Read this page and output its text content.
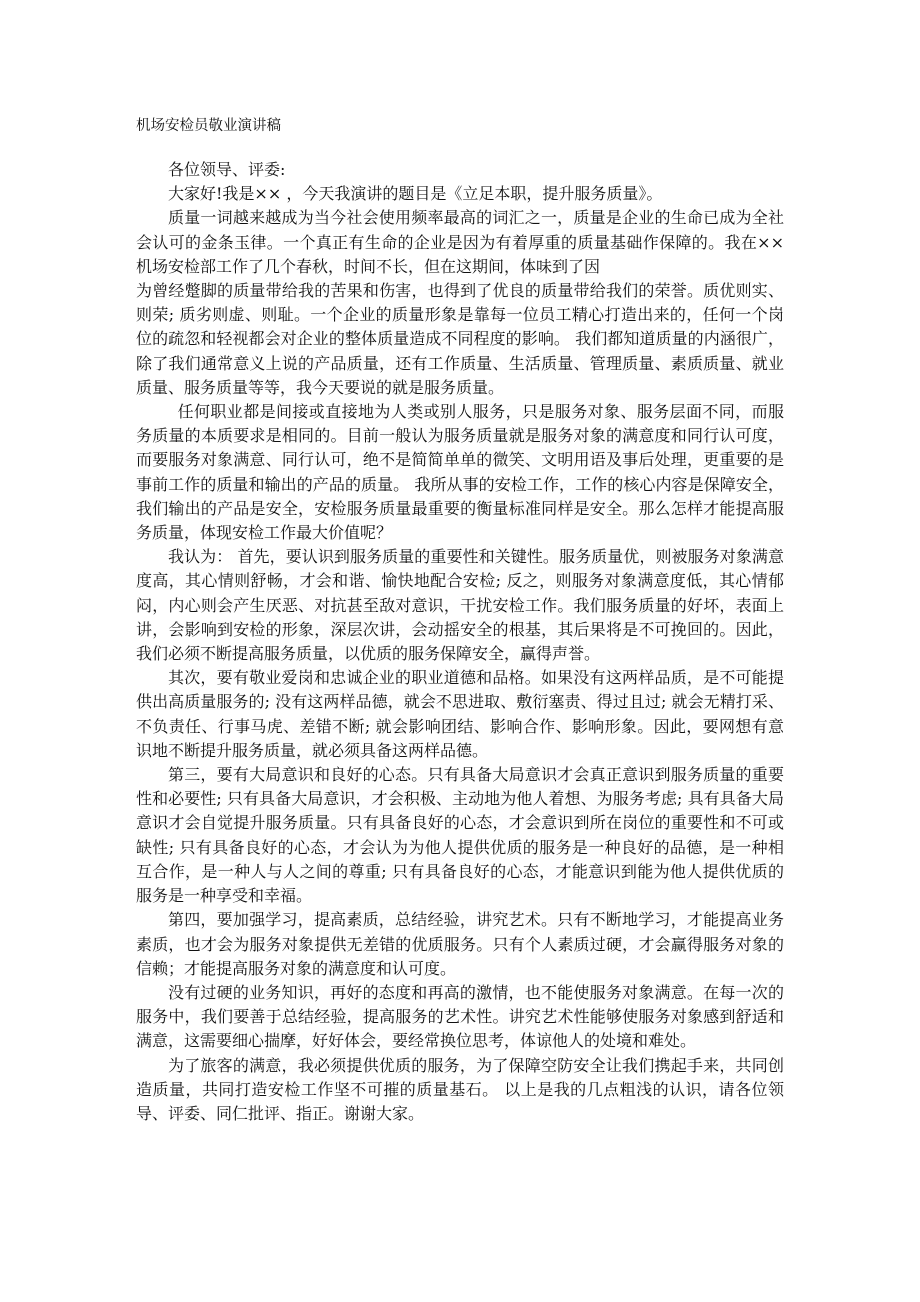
机场安检员敬业演讲稿

各位领导、评委:

大家好!我是×× ，今天我演讲的题目是《立足本职，提升服务质量》。

质量一词越来越成为当今社会使用频率最高的词汇之一，质量是企业的生命已成为全社会认可的金条玉律。一个真正有生命的企业是因为有着厚重的质量基础作保障的。我在××机场安检部工作了几个春秋，时间不长，但在这期间，体味到了因

为曾经蹩脚的质量带给我的苦果和伤害，也得到了优良的质量带给我们的荣誉。质优则实、则荣; 质劣则虚、则耻。一个企业的质量形象是靠每一位员工精心打造出来的，任何一个岗位的疏忽和轻视都会对企业的整体质量造成不同程度的影响。 我们都知道质量的内涵很广，除了我们通常意义上说的产品质量，还有工作质量、生活质量、管理质量、素质质量、就业质量、服务质量等等，我今天要说的就是服务质量。

任何职业都是间接或直接地为人类或别人服务，只是服务对象、服务层面不同，而服务质量的本质要求是相同的。目前一般认为服务质量就是服务对象的满意度和同行认可度，而要服务对象满意、同行认可，绝不是简简单单的微笑、文明用语及事后处理，更重要的是事前工作的质量和输出的产品的质量。 我所从事的安检工作，工作的核心内容是保障安全，我们输出的产品是安全，安检服务质量最重要的衡量标准同样是安全。那么怎样才能提高服务质量，体现安检工作最大价值呢？

我认为： 首先，要认识到服务质量的重要性和关键性。服务质量优，则被服务对象满意度高，其心情则舒畅，才会和谐、愉快地配合安检; 反之，则服务对象满意度低，其心情郁闷，内心则会产生厌恶、对抗甚至敌对意识，干扰安检工作。我们服务质量的好坏，表面上讲，会影响到安检的形象，深层次讲，会动摇安全的根基，其后果将是不可挽回的。因此，我们必须不断提高服务质量，以优质的服务保障安全，赢得声誉。

其次，要有敬业爱岗和忠诚企业的职业道德和品格。如果没有这两样品质，是不可能提供出高质量服务的; 没有这两样品德，就会不思进取、敷衍塞责、得过且过; 就会无精打采、不负责任、行事马虎、差错不断; 就会影响团结、影响合作、影响形象。因此，要网想有意识地不断提升服务质量，就必须具备这两样品德。

第三，要有大局意识和良好的心态。只有具备大局意识才会真正意识到服务质量的重要性和必要性; 只有具备大局意识，才会积极、主动地为他人着想、为服务考虑; 具有具备大局意识才会自觉提升服务质量。只有具备良好的心态，才会意识到所在岗位的重要性和不可或缺性; 只有具备良好的心态，才会认为为他人提供优质的服务是一种良好的品德，是一种相互合作，是一种人与人之间的尊重; 只有具备良好的心态，才能意识到能为他人提供优质的服务是一种享受和幸福。

第四，要加强学习，提高素质，总结经验，讲究艺术。只有不断地学习，才能提高业务素质，也才会为服务对象提供无差错的优质服务。只有个人素质过硬，才会赢得服务对象的信赖；才能提高服务对象的满意度和认可度。

没有过硬的业务知识，再好的态度和再高的激情，也不能使服务对象满意。在每一次的服务中，我们要善于总结经验，提高服务的艺术性。讲究艺术性能够使服务对象感到舒适和满意，这需要细心揣摩，好好体会，要经常换位思考，体谅他人的处境和难处。

为了旅客的满意，我必须提供优质的服务，为了保障空防安全让我们携起手来，共同创造质量，共同打造安检工作坚不可摧的质量基石。 以上是我的几点粗浅的认识，请各位领导、评委、同仁批评、指正。谢谢大家。
